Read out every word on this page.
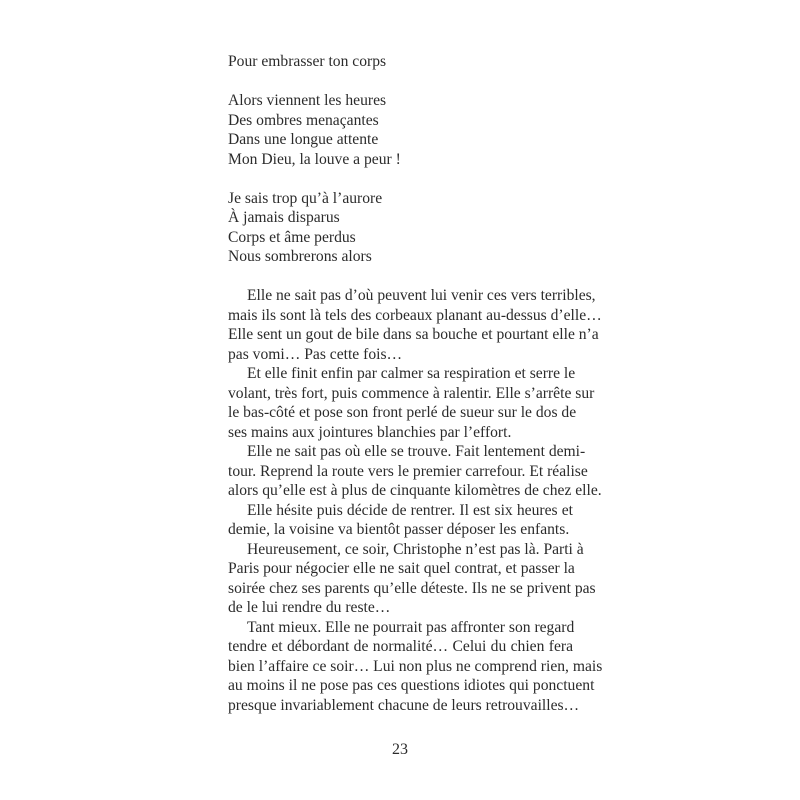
Pour embrasser ton corps
Alors viennent les heures
Des ombres menaçantes
Dans une longue attente
Mon Dieu, la louve a peur !
Je sais trop qu’à l’aurore
À jamais disparus
Corps et âme perdus
Nous sombrerons alors

Elle ne sait pas d’où peuvent lui venir ces vers terribles,
mais ils sont là tels des corbeaux planant au-dessus d’elle…
Elle sent un gout de bile dans sa bouche et pourtant elle n’a
pas vomi… Pas cette fois…

Et elle finit enfin par calmer sa respiration et serre le
volant, très fort, puis commence à ralentir. Elle s’arrête sur
le bas-côté et pose son front perlé de sueur sur le dos de
ses mains aux jointures blanchies par l’effort.

Elle ne sait pas où elle se trouve. Fait lentement demi-
tour. Reprend la route vers le premier carrefour. Et réalise
alors qu’elle est à plus de cinquante kilomètres de chez elle.

Elle hésite puis décide de rentrer. Il est six heures et
demie, la voisine va bientôt passer déposer les enfants.

Heureusement, ce soir, Christophe n’est pas là. Parti à
Paris pour négocier elle ne sait quel contrat, et passer la
soirée chez ses parents qu’elle déteste. Ils ne se privent pas
de le lui rendre du reste…

Tant mieux. Elle ne pourrait pas affronter son regard
tendre et débordant de normalité… Celui du chien fera
bien l’affaire ce soir… Lui non plus ne comprend rien, mais
au moins il ne pose pas ces questions idiotes qui ponctuent
presque invariablement chacune de leurs retrouvailles…

23
